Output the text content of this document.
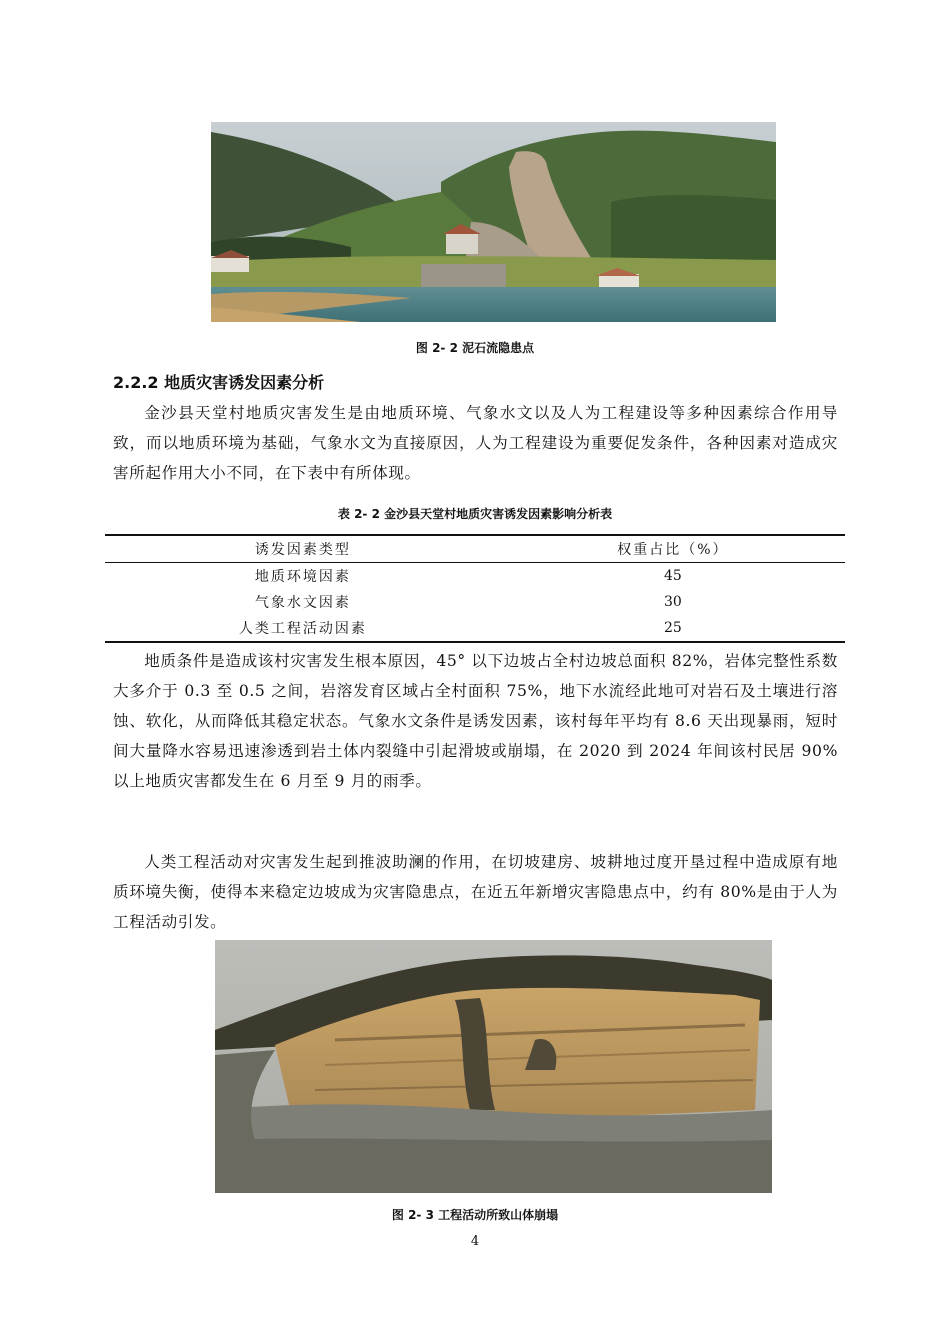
图 2- 2 泥石流隐患点
2.2.2 地质灾害诱发因素分析

金沙县天堂村地质灾害发生是由地质环境、气象水文以及人为工程建设等多种因素综合作用导致，而以地质环境为基础，气象水文为直接原因，人为工程建设为重要促发条件，各种因素对造成灾害所起作用大小不同，在下表中有所体现。

表 2- 2 金沙县天堂村地质灾害诱发因素影响分析表
诱发因素类型	权重占比（%）
地质环境因素	45
气象水文因素	30
人类工程活动因素	25

地质条件是造成该村灾害发生根本原因，45° 以下边坡占全村边坡总面积 82%，岩体完整性系数大多介于 0.3 至 0.5 之间，岩溶发育区域占全村面积 75%，地下水流经此地可对岩石及土壤进行溶蚀、软化，从而降低其稳定状态。气象水文条件是诱发因素，该村每年平均有 8.6 天出现暴雨，短时间大量降水容易迅速渗透到岩土体内裂缝中引起滑坡或崩塌，在 2020 到 2024 年间该村民居 90%以上地质灾害都发生在 6 月至 9 月的雨季。

人类工程活动对灾害发生起到推波助澜的作用，在切坡建房、坡耕地过度开垦过程中造成原有地质环境失衡，使得本来稳定边坡成为灾害隐患点，在近五年新增灾害隐患点中，约有 80%是由于人为工程活动引发。

图 2- 3 工程活动所致山体崩塌
4
